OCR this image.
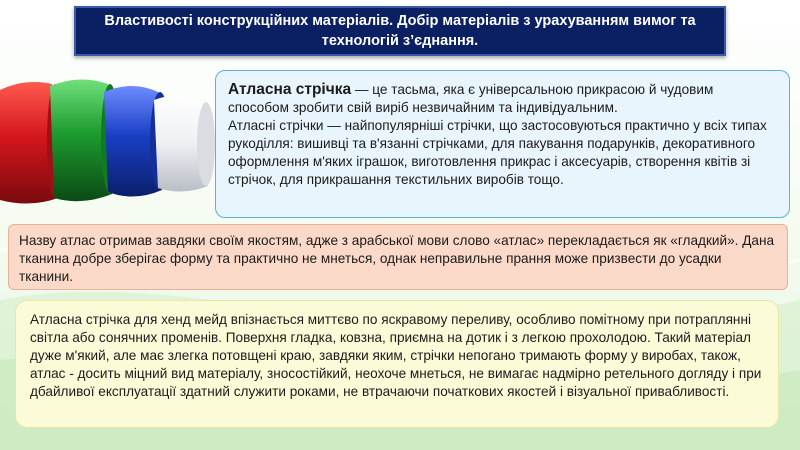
Властивості конструкційних матеріалів. Добір матеріалів з урахуванням вимог та
технологій з’єднання.
Атласна стрічка — це тасьма, яка є універсальною прикрасою й чудовим способом зробити свій виріб незвичайним та індивідуальним.
Атласні стрічки — найпопулярніші стрічки, що застосовуються практично у всіх типах рукоділля: вишивці та в'язанні стрічками, для пакування подарунків, декоративного оформлення м'яких іграшок, виготовлення прикрас і аксесуарів, створення квітів зі стрічок, для прикрашання текстильних виробів тощо.
Назву атлас отримав завдяки своїм якостям, адже з арабської мови слово «атлас» перекладається як «гладкий». Дана тканина добре зберігає форму та практично не мнеться, однак неправильне прання може призвести до усадки тканини.
Атласна стрічка для хенд мейд впізнається миттєво по яскравому переливу, особливо помітному при потраплянні світла або сонячних променів. Поверхня гладка, ковзна, приємна на дотик і з легкою прохолодою. Такий матеріал дуже м'який, але має злегка потовщені краю, завдяки яким, стрічки непогано тримають форму у виробах, також, атлас - досить міцний вид матеріалу, зносостійкий, неохоче мнеться, не вимагає надмірно ретельного догляду і при дбайливої експлуатації здатний служити роками, не втрачаючи початкових якостей і візуальної привабливості.
